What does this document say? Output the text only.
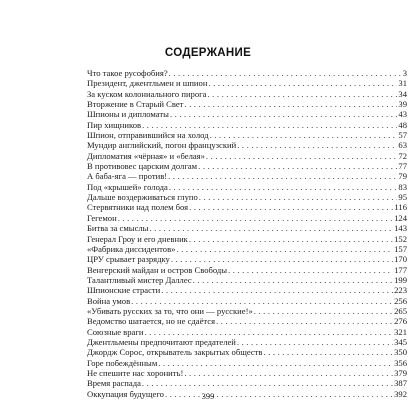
СОДЕРЖАНИЕ
Что такое русофобия? . . .	3
Президент, джентльмен и шпион . . .	31
За куском колониального пирога . . .	34
Вторжение в Старый Свет . . .	39
Шпионы и дипломаты . . .	43
Пир хищников . . .	48
Шпион, отправившийся на холод . . .	57
Мундир английский, погон французский . . .	63
Дипломатия «чёрная» и «белая» . . .	72
В противовес царским долгам . . .	77
А баба-яга — против! . . .	79
Под «крышей» голода . . .	83
Дальше воздерживаться глупо . . .	95
Стервятники над полем боя . . .	116
Гегемон . . .	124
Битва за смыслы . . .	143
Генерал Гроу и его дневник . . .	152
«Фабрика диссидентов» . . .	157
ЦРУ срывает разрядку . . .	170
Венгерский майдан и остров Свободы . . .	177
Талантливый мистер Даллес . . .	199
Шпионские страсти . . .	223
Война умов . . .	256
«Убивать русских за то, что они — русские!» . . .	265
Ведомство шатается, но не сдаётся . . .	276
Союзные враги . . .	321
Джентльмены предпочитают предателей . . .	345
Джордж Сорос, открыватель закрытых обществ . . .	350
Горе побеждённым . . .	356
Не спешите нас хоронить! . . .	379
Время распада . . .	387
Оккупация будущего . . .	392
399
